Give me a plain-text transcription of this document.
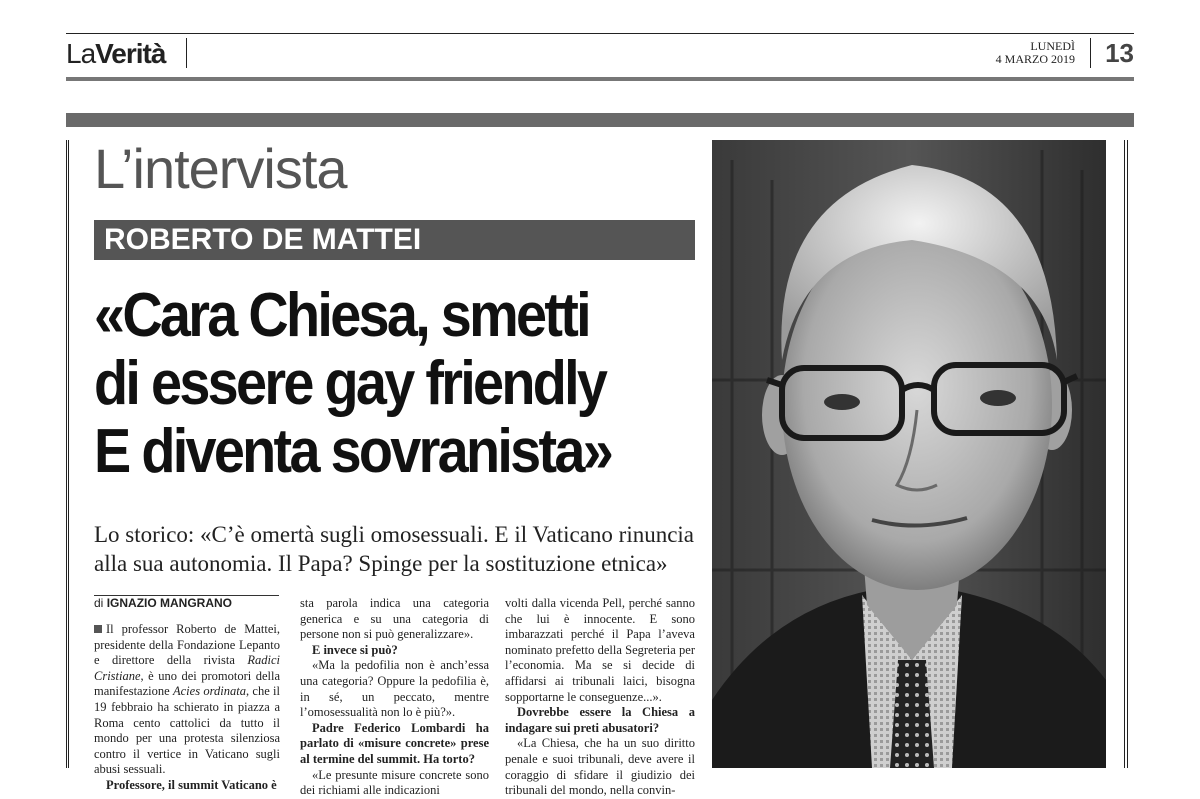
LaVerità	LUNEDÌ
4 MARZO 2019 13
L’intervista
ROBERTO DE MATTEI
«Cara Chiesa, smetti
di essere gay friendly
E diventa sovranista»
Lo storico: «C’è omertà sugli omosessuali. E il Vaticano rinuncia alla sua autonomia. Il Papa? Spinge per la sostituzione etnica»
di IGNAZIO MANGRANO

Il professor Roberto de Mattei, presidente della Fondazione Lepanto e direttore della rivista Radici Cristiane, è uno dei promotori della manifestazione Acies ordinata, che il 19 febbraio ha schierato in piazza a Roma cento cattolici da tutto il mondo per una protesta silenziosa contro il vertice in Vaticano sugli abusi sessuali.

Professore, il summit Vaticano è

sta parola indica una categoria generica e su una categoria di persone non si può generalizzare».

E invece si può?

«Ma la pedofilia non è anch’essa una categoria? Oppure la pedofilia è, in sé, un peccato, mentre l’omosessualità non lo è più?».

Padre Federico Lombardi ha parlato di «misure concrete» prese al termine del summit. Ha torto?

«Le presunte misure concrete sono dei richiami alle indicazioni

volti dalla vicenda Pell, perché sanno che lui è innocente. E sono imbarazzati perché il Papa l’aveva nominato prefetto della Segreteria per l’economia. Ma se si decide di affidarsi ai tribunali laici, bisogna sopportarne le conseguenze...».

Dovrebbe essere la Chiesa a indagare sui preti abusatori?

«La Chiesa, che ha un suo diritto penale e suoi tribunali, deve avere il coraggio di sfidare il giudizio dei tribunali del mondo, nella convin-
